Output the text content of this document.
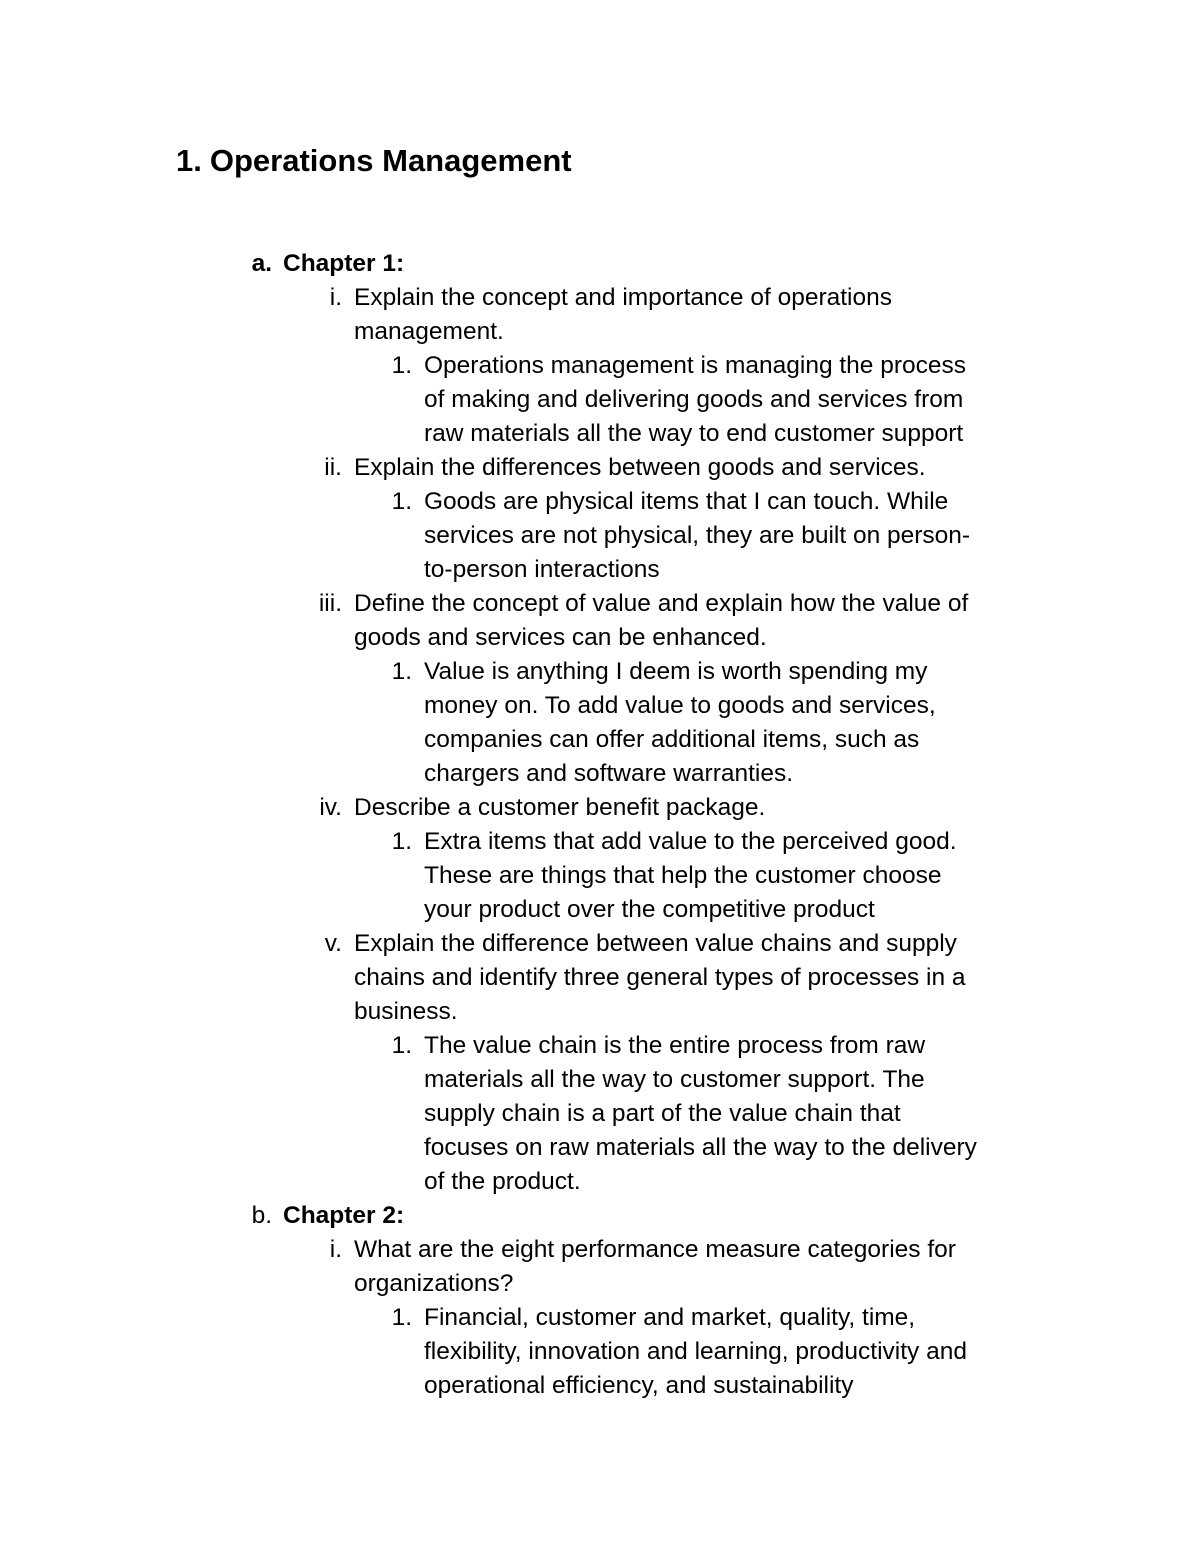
1. Operations Management
a. Chapter 1:
i. Explain the concept and importance of operations
management.
1. Operations management is managing the process
of making and delivering goods and services from
raw materials all the way to end customer support
ii. Explain the differences between goods and services.
1. Goods are physical items that I can touch. While
services are not physical, they are built on person-
to-person interactions
iii. Define the concept of value and explain how the value of
goods and services can be enhanced.
1. Value is anything I deem is worth spending my
money on. To add value to goods and services,
companies can offer additional items, such as
chargers and software warranties.
iv. Describe a customer benefit package.
1. Extra items that add value to the perceived good.
These are things that help the customer choose
your product over the competitive product
v. Explain the difference between value chains and supply
chains and identify three general types of processes in a
business.
1. The value chain is the entire process from raw
materials all the way to customer support. The
supply chain is a part of the value chain that
focuses on raw materials all the way to the delivery
of the product.
b. Chapter 2:
i. What are the eight performance measure categories for
organizations?
1. Financial, customer and market, quality, time,
flexibility, innovation and learning, productivity and
operational efficiency, and sustainability
